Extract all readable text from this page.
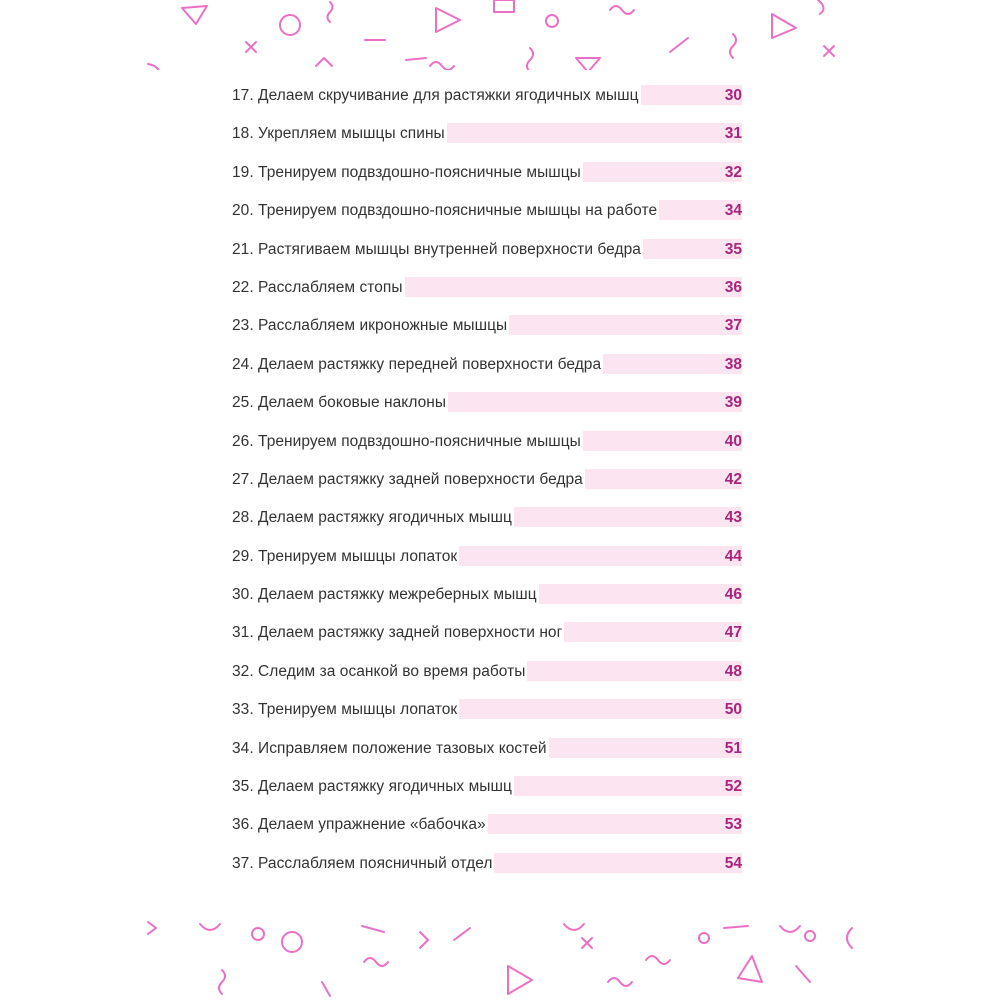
17. Делаем скручивание для растяжки ягодичных мышц	30
18. Укрепляем мышцы спины	31
19. Тренируем подвздошно-поясничные мышцы	32
20. Тренируем подвздошно-поясничные мышцы на работе	34
21. Растягиваем мышцы внутренней поверхности бедра	35
22. Расслабляем стопы	36
23. Расслабляем икроножные мышцы	37
24. Делаем растяжку передней поверхности бедра	38
25. Делаем боковые наклоны	39
26. Тренируем подвздошно-поясничные мышцы	40
27. Делаем растяжку задней поверхности бедра	42
28. Делаем растяжку ягодичных мышц	43
29. Тренируем мышцы лопаток	44
30. Делаем растяжку межреберных мышц	46
31. Делаем растяжку задней поверхности ног	47
32. Следим за осанкой во время работы	48
33. Тренируем мышцы лопаток	50
34. Исправляем положение тазовых костей	51
35. Делаем растяжку ягодичных мышц	52
36. Делаем упражнение «бабочка»	53
37. Расслабляем поясничный отдел	54
